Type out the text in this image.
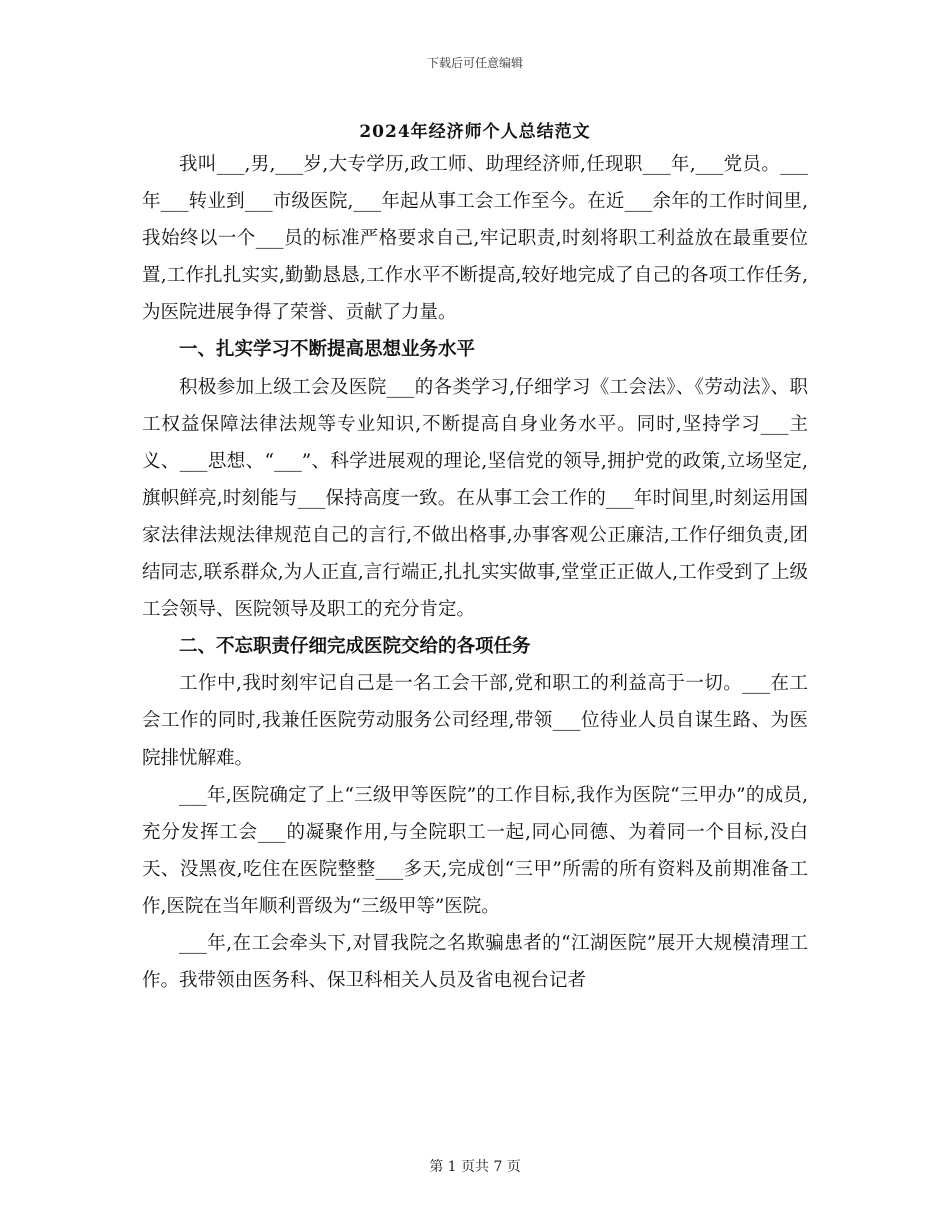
下载后可任意编辑
2024年经济师个人总结范文

我叫___,男,___岁,大专学历,政工师、助理经济师,任现职___年,___党员。___年___转业到___市级医院,___年起从事工会工作至今。在近___余年的工作时间里,我始终以一个___员的标准严格要求自己,牢记职责,时刻将职工利益放在最重要位置,工作扎扎实实,勤勤恳恳,工作水平不断提高,较好地完成了自己的各项工作任务,为医院进展争得了荣誉、贡献了力量。

一、扎实学习不断提高思想业务水平

积极参加上级工会及医院___的各类学习,仔细学习《工会法》、《劳动法》、职工权益保障法律法规等专业知识,不断提高自身业务水平。同时,坚持学习___主义、___思想、“___”、科学进展观的理论,坚信党的领导,拥护党的政策,立场坚定,旗帜鲜亮,时刻能与___保持高度一致。在从事工会工作的___年时间里,时刻运用国家法律法规法律规范自己的言行,不做出格事,办事客观公正廉洁,工作仔细负责,团结同志,联系群众,为人正直,言行端正,扎扎实实做事,堂堂正正做人,工作受到了上级工会领导、医院领导及职工的充分肯定。

二、不忘职责仔细完成医院交给的各项任务

工作中,我时刻牢记自己是一名工会干部,党和职工的利益高于一切。___在工会工作的同时,我兼任医院劳动服务公司经理,带领___位待业人员自谋生路、为医院排忧解难。

___年,医院确定了上“三级甲等医院”的工作目标,我作为医院“三甲办”的成员,充分发挥工会___的凝聚作用,与全院职工一起,同心同德、为着同一个目标,没白天、没黑夜,吃住在医院整整___多天,完成创“三甲”所需的所有资料及前期准备工作,医院在当年顺利晋级为“三级甲等”医院。

___年,在工会牵头下,对冒我院之名欺骗患者的“江湖医院”展开大规模清理工作。我带领由医务科、保卫科相关人员及省电视台记者

第 1 页共 7 页
